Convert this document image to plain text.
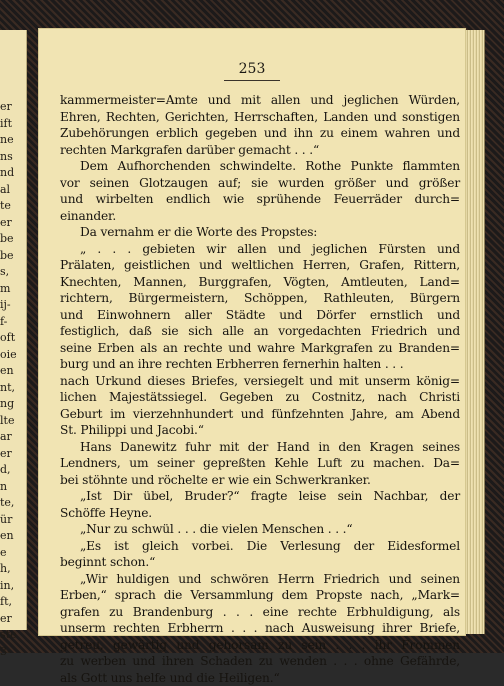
er
ift
ne
ns
nd
al
te
er
be
be
s,
m
ij-
f-
oft
oie
en
nt,
ng
lte
ar
er
d,
n
te,
ür
en
e
h,
in,
ft,
er
ste
3-
253
kammermeister=Amte und mit allen und jeglichen Würden,
Ehren, Rechten, Gerichten, Herrschaften, Landen und sonstigen
Zubehörungen erblich gegeben und ihn zu einem wahren und
rechten Markgrafen darüber gemacht . . .“
Dem Aufhorchenden schwindelte. Rothe Punkte flammten
vor seinen Glotzaugen auf; sie wurden größer und größer
und wirbelten endlich wie sprühende Feuerräder durch=
einander.
Da vernahm er die Worte des Propstes:
„ . . . gebieten wir allen und jeglichen Fürsten und
Prälaten, geistlichen und weltlichen Herren, Grafen, Rittern,
Knechten, Mannen, Burggrafen, Vögten, Amtleuten, Land=
richtern, Bürgermeistern, Schöppen, Rathleuten, Bürgern
und Einwohnern aller Städte und Dörfer ernstlich und
festiglich, daß sie sich alle an vorgedachten Friedrich und
seine Erben als an rechte und wahre Markgrafen zu Branden=
burg und an ihre rechten Erbherren fernerhin halten . . .
nach Urkund dieses Briefes, versiegelt und mit unserm könig=
lichen Majestätssiegel. Gegeben zu Costnitz, nach Christi
Geburt im vierzehnhundert und fünfzehnten Jahre, am Abend
St. Philippi und Jacobi.“
Hans Danewitz fuhr mit der Hand in den Kragen seines
Lendners, um seiner gepreßten Kehle Luft zu machen. Da=
bei stöhnte und röchelte er wie ein Schwerkranker.
„Ist Dir übel, Bruder?“ fragte leise sein Nachbar, der
Schöffe Heyne.
„Nur zu schwül . . . die vielen Menschen . . .“
„Es ist gleich vorbei. Die Verlesung der Eidesformel
beginnt schon.“
„Wir huldigen und schwören Herrn Friedrich und seinen
Erben,“ sprach die Versammlung dem Propste nach, „Mark=
grafen zu Brandenburg . . . eine rechte Erbhuldigung, als
unserm rechten Erbherrn . . . nach Ausweisung ihrer Briefe,
getreu, gewärtig und gehorsam zu sein . . . ihr Frommen
zu werben und ihren Schaden zu wenden . . . ohne Gefährde,
als Gott uns helfe und die Heiligen.“
